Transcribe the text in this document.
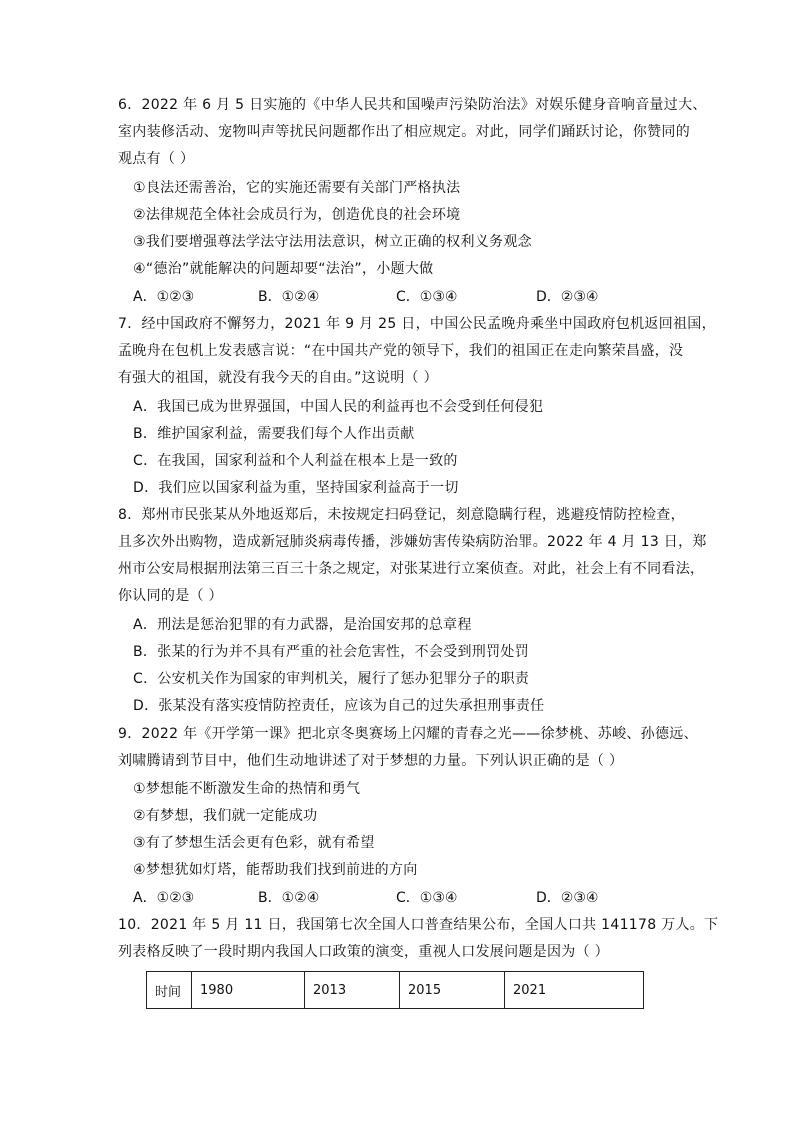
6．2022 年 6 月 5 日实施的《中华人民共和国噪声污染防治法》对娱乐健身音响音量过大、
室内装修活动、宠物叫声等扰民问题都作出了相应规定。对此，同学们踊跃讨论，你赞同的
观点有（ ）
①良法还需善治，它的实施还需要有关部门严格执法
②法律规范全体社会成员行为，创造优良的社会环境
③我们要增强尊法学法守法用法意识，树立正确的权利义务观念
④“德治”就能解决的问题却要“法治”，小题大做
A．①②③	B．①②④	C．①③④	D．②③④
7．经中国政府不懈努力，2021 年 9 月 25 日，中国公民孟晚舟乘坐中国政府包机返回祖国，
孟晚舟在包机上发表感言说：“在中国共产党的领导下，我们的祖国正在走向繁荣昌盛，没
有强大的祖国，就没有我今天的自由。”这说明（ ）
A．我国已成为世界强国，中国人民的利益再也不会受到任何侵犯
B．维护国家利益，需要我们每个人作出贡献
C．在我国，国家利益和个人利益在根本上是一致的
D．我们应以国家利益为重，坚持国家利益高于一切
8．郑州市民张某从外地返郑后，未按规定扫码登记，刻意隐瞒行程，逃避疫情防控检查，
且多次外出购物，造成新冠肺炎病毒传播，涉嫌妨害传染病防治罪。2022 年 4 月 13 日，郑
州市公安局根据刑法第三百三十条之规定，对张某进行立案侦查。对此，社会上有不同看法，
你认同的是（ ）
A．刑法是惩治犯罪的有力武器，是治国安邦的总章程
B．张某的行为并不具有严重的社会危害性，不会受到刑罚处罚
C．公安机关作为国家的审判机关，履行了惩办犯罪分子的职责
D．张某没有落实疫情防控责任，应该为自己的过失承担刑事责任
9．2022 年《开学第一课》把北京冬奥赛场上闪耀的青春之光——徐梦桃、苏峻、孙德远、
刘啸腾请到节目中，他们生动地讲述了对于梦想的力量。下列认识正确的是（ ）
①梦想能不断激发生命的热情和勇气
②有梦想，我们就一定能成功
③有了梦想生活会更有色彩，就有希望
④梦想犹如灯塔，能帮助我们找到前进的方向
A．①②③	B．①②④	C．①③④	D．②③④
10．2021 年 5 月 11 日，我国第七次全国人口普查结果公布，全国人口共 141178 万人。下
列表格反映了一段时期内我国人口政策的演变，重视人口发展问题是因为（ ）
时间	1980	2013	2015	2021
